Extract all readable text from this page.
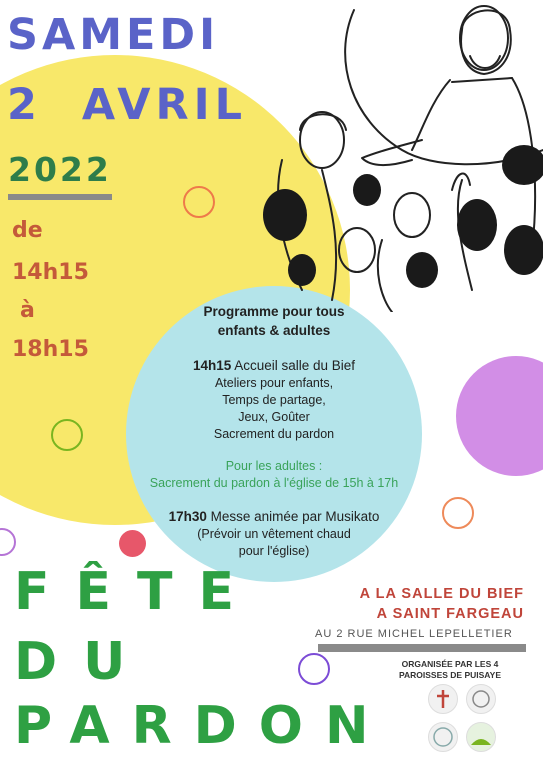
SAMEDI
2  AVRIL
2022
de
14h15
à
18h15
Programme pour tous
enfants & adultes
14h15 Accueil salle du Bief
Ateliers pour enfants,
Temps de partage,
Jeux, Goûter
Sacrement du pardon
Pour les adultes :
Sacrement du pardon à l'église de 15h à 17h
17h30 Messe animée par Musikato
(Prévoir un vêtement chaud
pour l'église)
FÊTE
DU
PARDON
A LA SALLE DU BIEF
A SAINT FARGEAU
AU 2 RUE MICHEL LEPELLETIER
ORGANISÉE PAR LES 4
PAROISSES DE PUISAYE
